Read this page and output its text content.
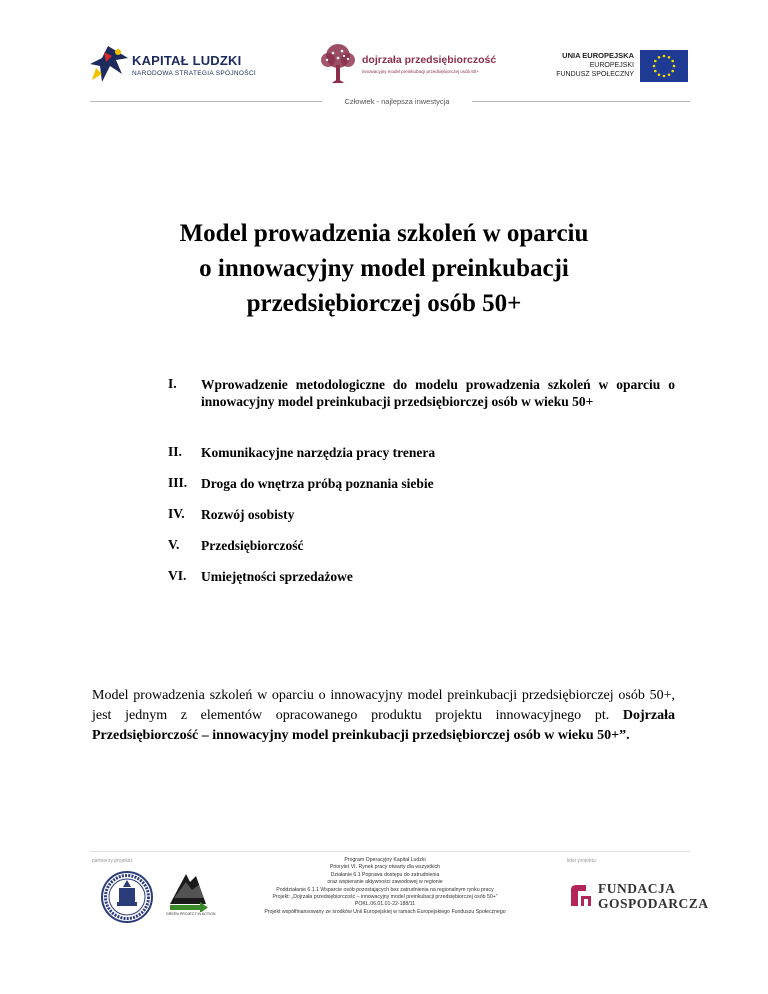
KAPITAŁ LUDZKI
NARODOWA STRATEGIA SPÓJNOŚCI
dojrzała przedsiębiorczość
innowacyjny model preinkubacji przedsiębiorczej osób 50+
UNIA EUROPEJSKA
EUROPEJSKI
FUNDUSZ SPOŁECZNY
Człowiek - najlepsza inwestycja
Model prowadzenia szkoleń w oparciu
o innowacyjny model preinkubacji
przedsiębiorczej osób 50+
I. Wprowadzenie metodologiczne do modelu prowadzenia szkoleń w oparciu o innowacyjny model preinkubacji przedsiębiorczej osób w wieku 50+
II. Komunikacyjne narzędzia pracy trenera
III. Droga do wnętrza próbą poznania siebie
IV. Rozwój osobisty
V. Przedsiębiorczość
VI. Umiejętności sprzedażowe
Model prowadzenia szkoleń w oparciu o innowacyjny model preinkubacji przedsiębiorczej osób 50+, jest jednym z elementów opracowanego produktu projektu innowacyjnego pt. Dojrzała Przedsiębiorczość – innowacyjny model preinkubacji przedsiębiorczej osób w wieku 50+”.
partnerzy projektu:	lider projektu:
GREEN PROJECT IN ACTION
Program Operacyjny Kapitał Ludzki
Priorytet VI. Rynek pracy otwarty dla wszystkich
Działanie 6.1 Poprawa dostępu do zatrudnienia
oraz wspieranie aktywności zawodowej w regionie
Poddziałanie 6.1.1 Wsparcie osób pozostających bez zatrudnienia na regionalnym rynku pracy
Projekt: „Dojrzała przedsiębiorczość – innowacyjny model preinkubacji przedsiębiorczej osób 50+”
POKL.06.01.01-22-188/11
Projekt współfinansowany ze środków Unii Europejskiej w ramach Europejskiego Funduszu Społecznego
FUNDACJA
GOSPODARCZA
